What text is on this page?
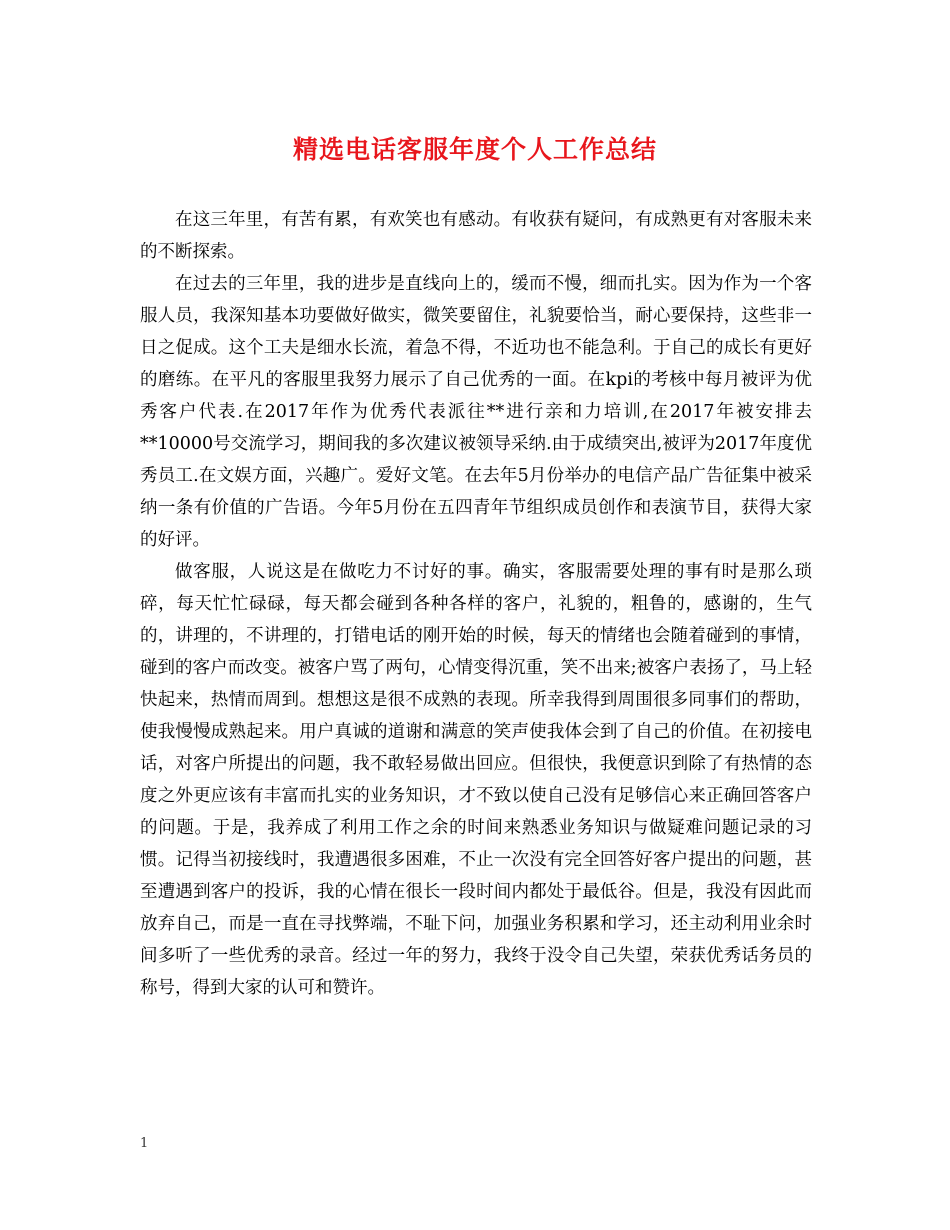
精选电话客服年度个人工作总结

在这三年里，有苦有累，有欢笑也有感动。有收获有疑问，有成熟更有对客服未来的不断探索。

在过去的三年里，我的进步是直线向上的，缓而不慢，细而扎实。因为作为一个客服人员，我深知基本功要做好做实，微笑要留住，礼貌要恰当，耐心要保持，这些非一日之促成。这个工夫是细水长流，着急不得，不近功也不能急利。于自己的成长有更好的磨练。在平凡的客服里我努力展示了自己优秀的一面。在kpi的考核中每月被评为优秀客户代表.在2017年作为优秀代表派往**进行亲和力培训,在2017年被安排去**10000号交流学习，期间我的多次建议被领导采纳.由于成绩突出,被评为2017年度优秀员工.在文娱方面，兴趣广。爱好文笔。在去年5月份举办的电信产品广告征集中被采纳一条有价值的广告语。今年5月份在五四青年节组织成员创作和表演节目，获得大家的好评。

做客服，人说这是在做吃力不讨好的事。确实，客服需要处理的事有时是那么琐碎，每天忙忙碌碌，每天都会碰到各种各样的客户，礼貌的，粗鲁的，感谢的，生气的，讲理的，不讲理的，打错电话的刚开始的时候，每天的情绪也会随着碰到的事情，碰到的客户而改变。被客户骂了两句，心情变得沉重，笑不出来;被客户表扬了，马上轻快起来，热情而周到。想想这是很不成熟的表现。所幸我得到周围很多同事们的帮助，使我慢慢成熟起来。用户真诚的道谢和满意的笑声使我体会到了自己的价值。在初接电话，对客户所提出的问题，我不敢轻易做出回应。但很快，我便意识到除了有热情的态度之外更应该有丰富而扎实的业务知识，才不致以使自己没有足够信心来正确回答客户的问题。于是，我养成了利用工作之余的时间来熟悉业务知识与做疑难问题记录的习惯。记得当初接线时，我遭遇很多困难，不止一次没有完全回答好客户提出的问题，甚至遭遇到客户的投诉，我的心情在很长一段时间内都处于最低谷。但是，我没有因此而放弃自己，而是一直在寻找弊端，不耻下问，加强业务积累和学习，还主动利用业余时间多听了一些优秀的录音。经过一年的努力，我终于没令自己失望，荣获优秀话务员的称号，得到大家的认可和赞许。

1
